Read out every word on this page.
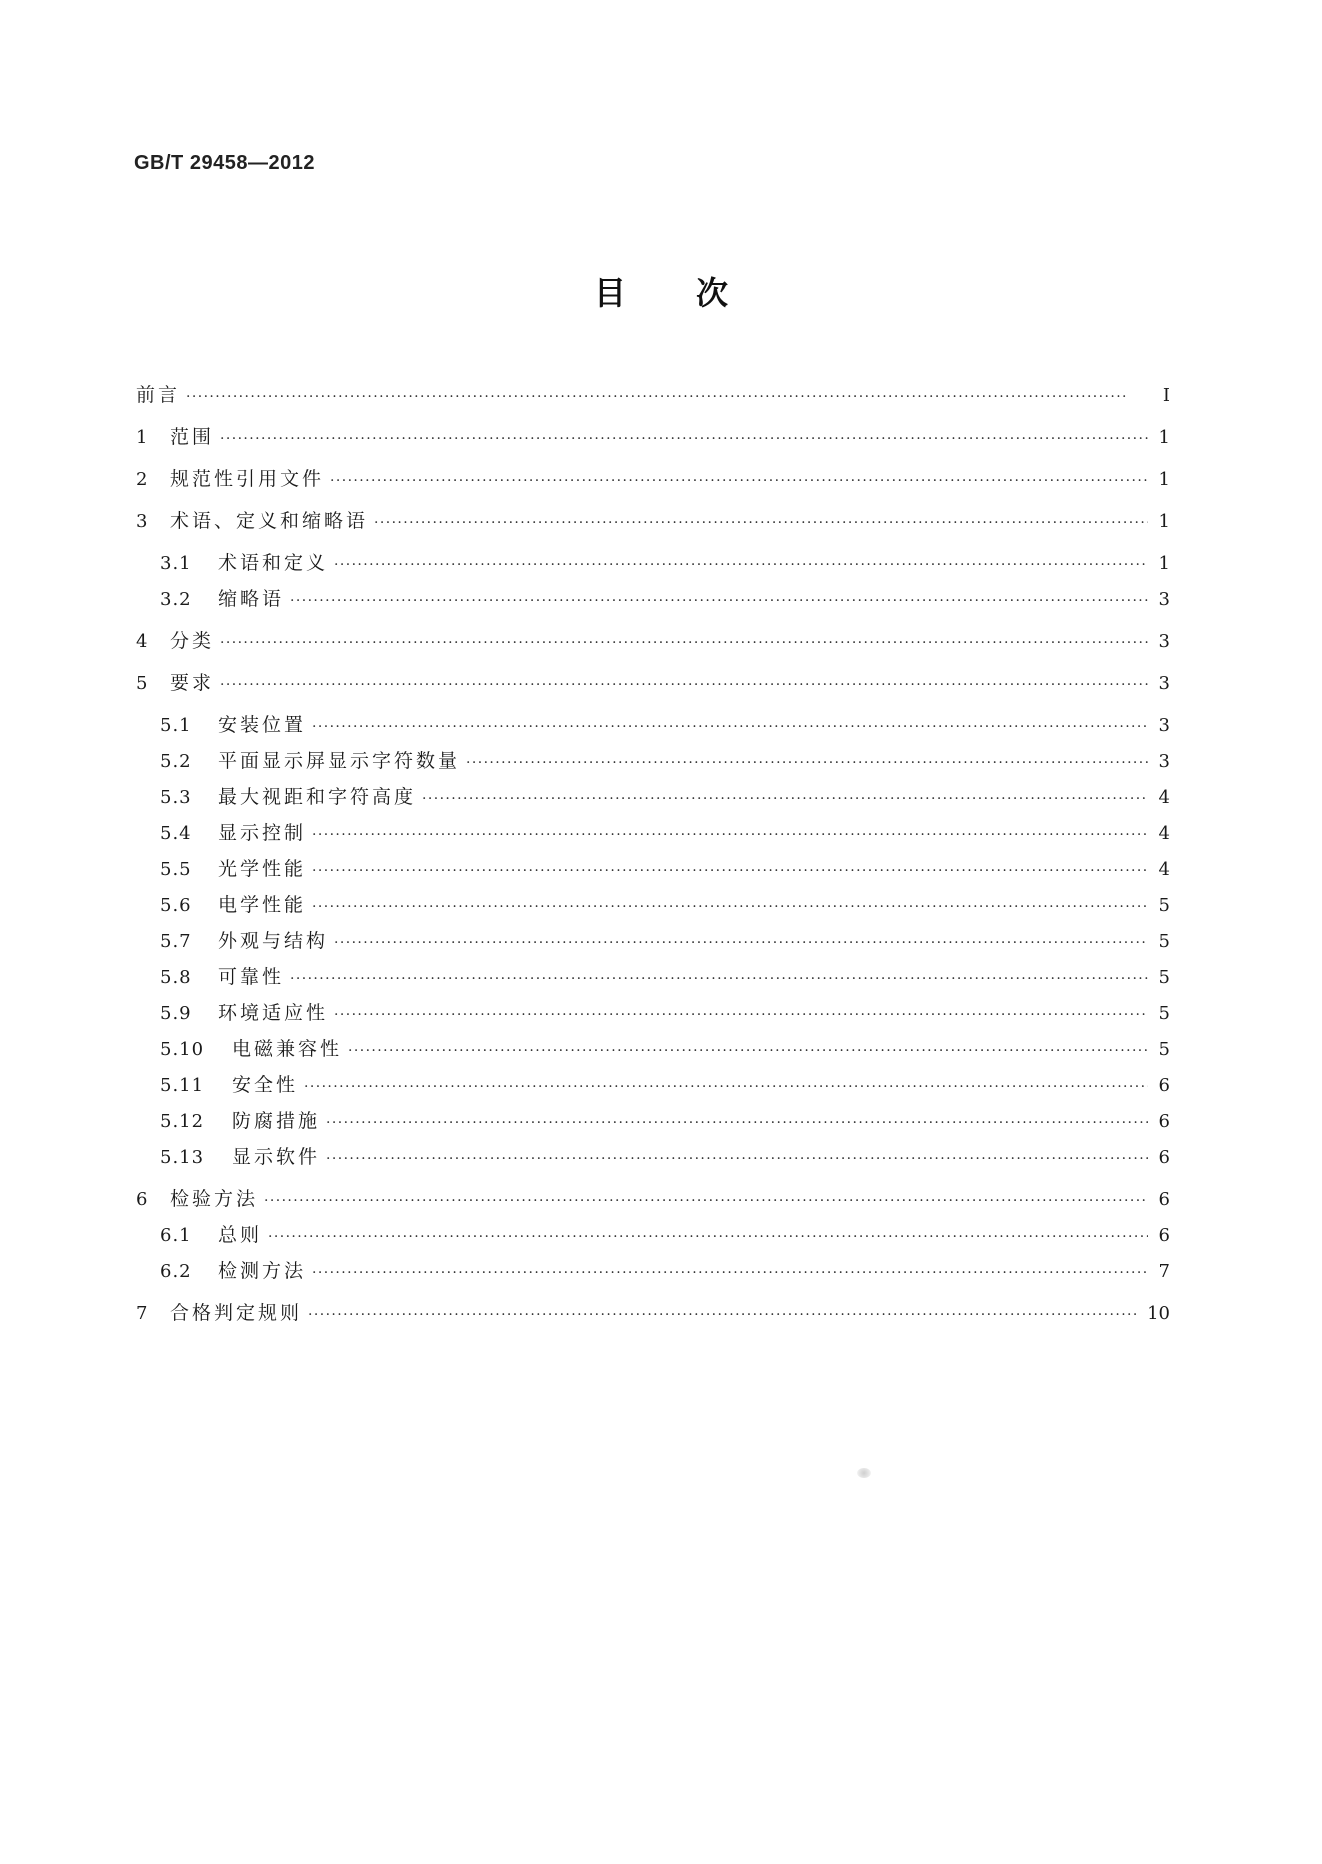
GB/T 29458—2012
目 次
前言 ·····	Ⅰ
1	范围 ·····	1
2	规范性引用文件 ·····	1
3	术语、定义和缩略语 ·····	1
3.1	术语和定义 ·····	1
3.2	缩略语 ·····	3
4	分类 ·····	3
5	要求 ·····	3
5.1	安装位置 ·····	3
5.2	平面显示屏显示字符数量 ·····	3
5.3	最大视距和字符高度 ·····	4
5.4	显示控制 ·····	4
5.5	光学性能 ·····	4
5.6	电学性能 ·····	5
5.7	外观与结构 ·····	5
5.8	可靠性 ·····	5
5.9	环境适应性 ·····	5
5.10	电磁兼容性 ·····	5
5.11	安全性 ·····	6
5.12	防腐措施 ·····	6
5.13	显示软件 ·····	6
6	检验方法 ·····	6
6.1	总则 ·····	6
6.2	检测方法 ·····	7
7	合格判定规则 ·····	10
